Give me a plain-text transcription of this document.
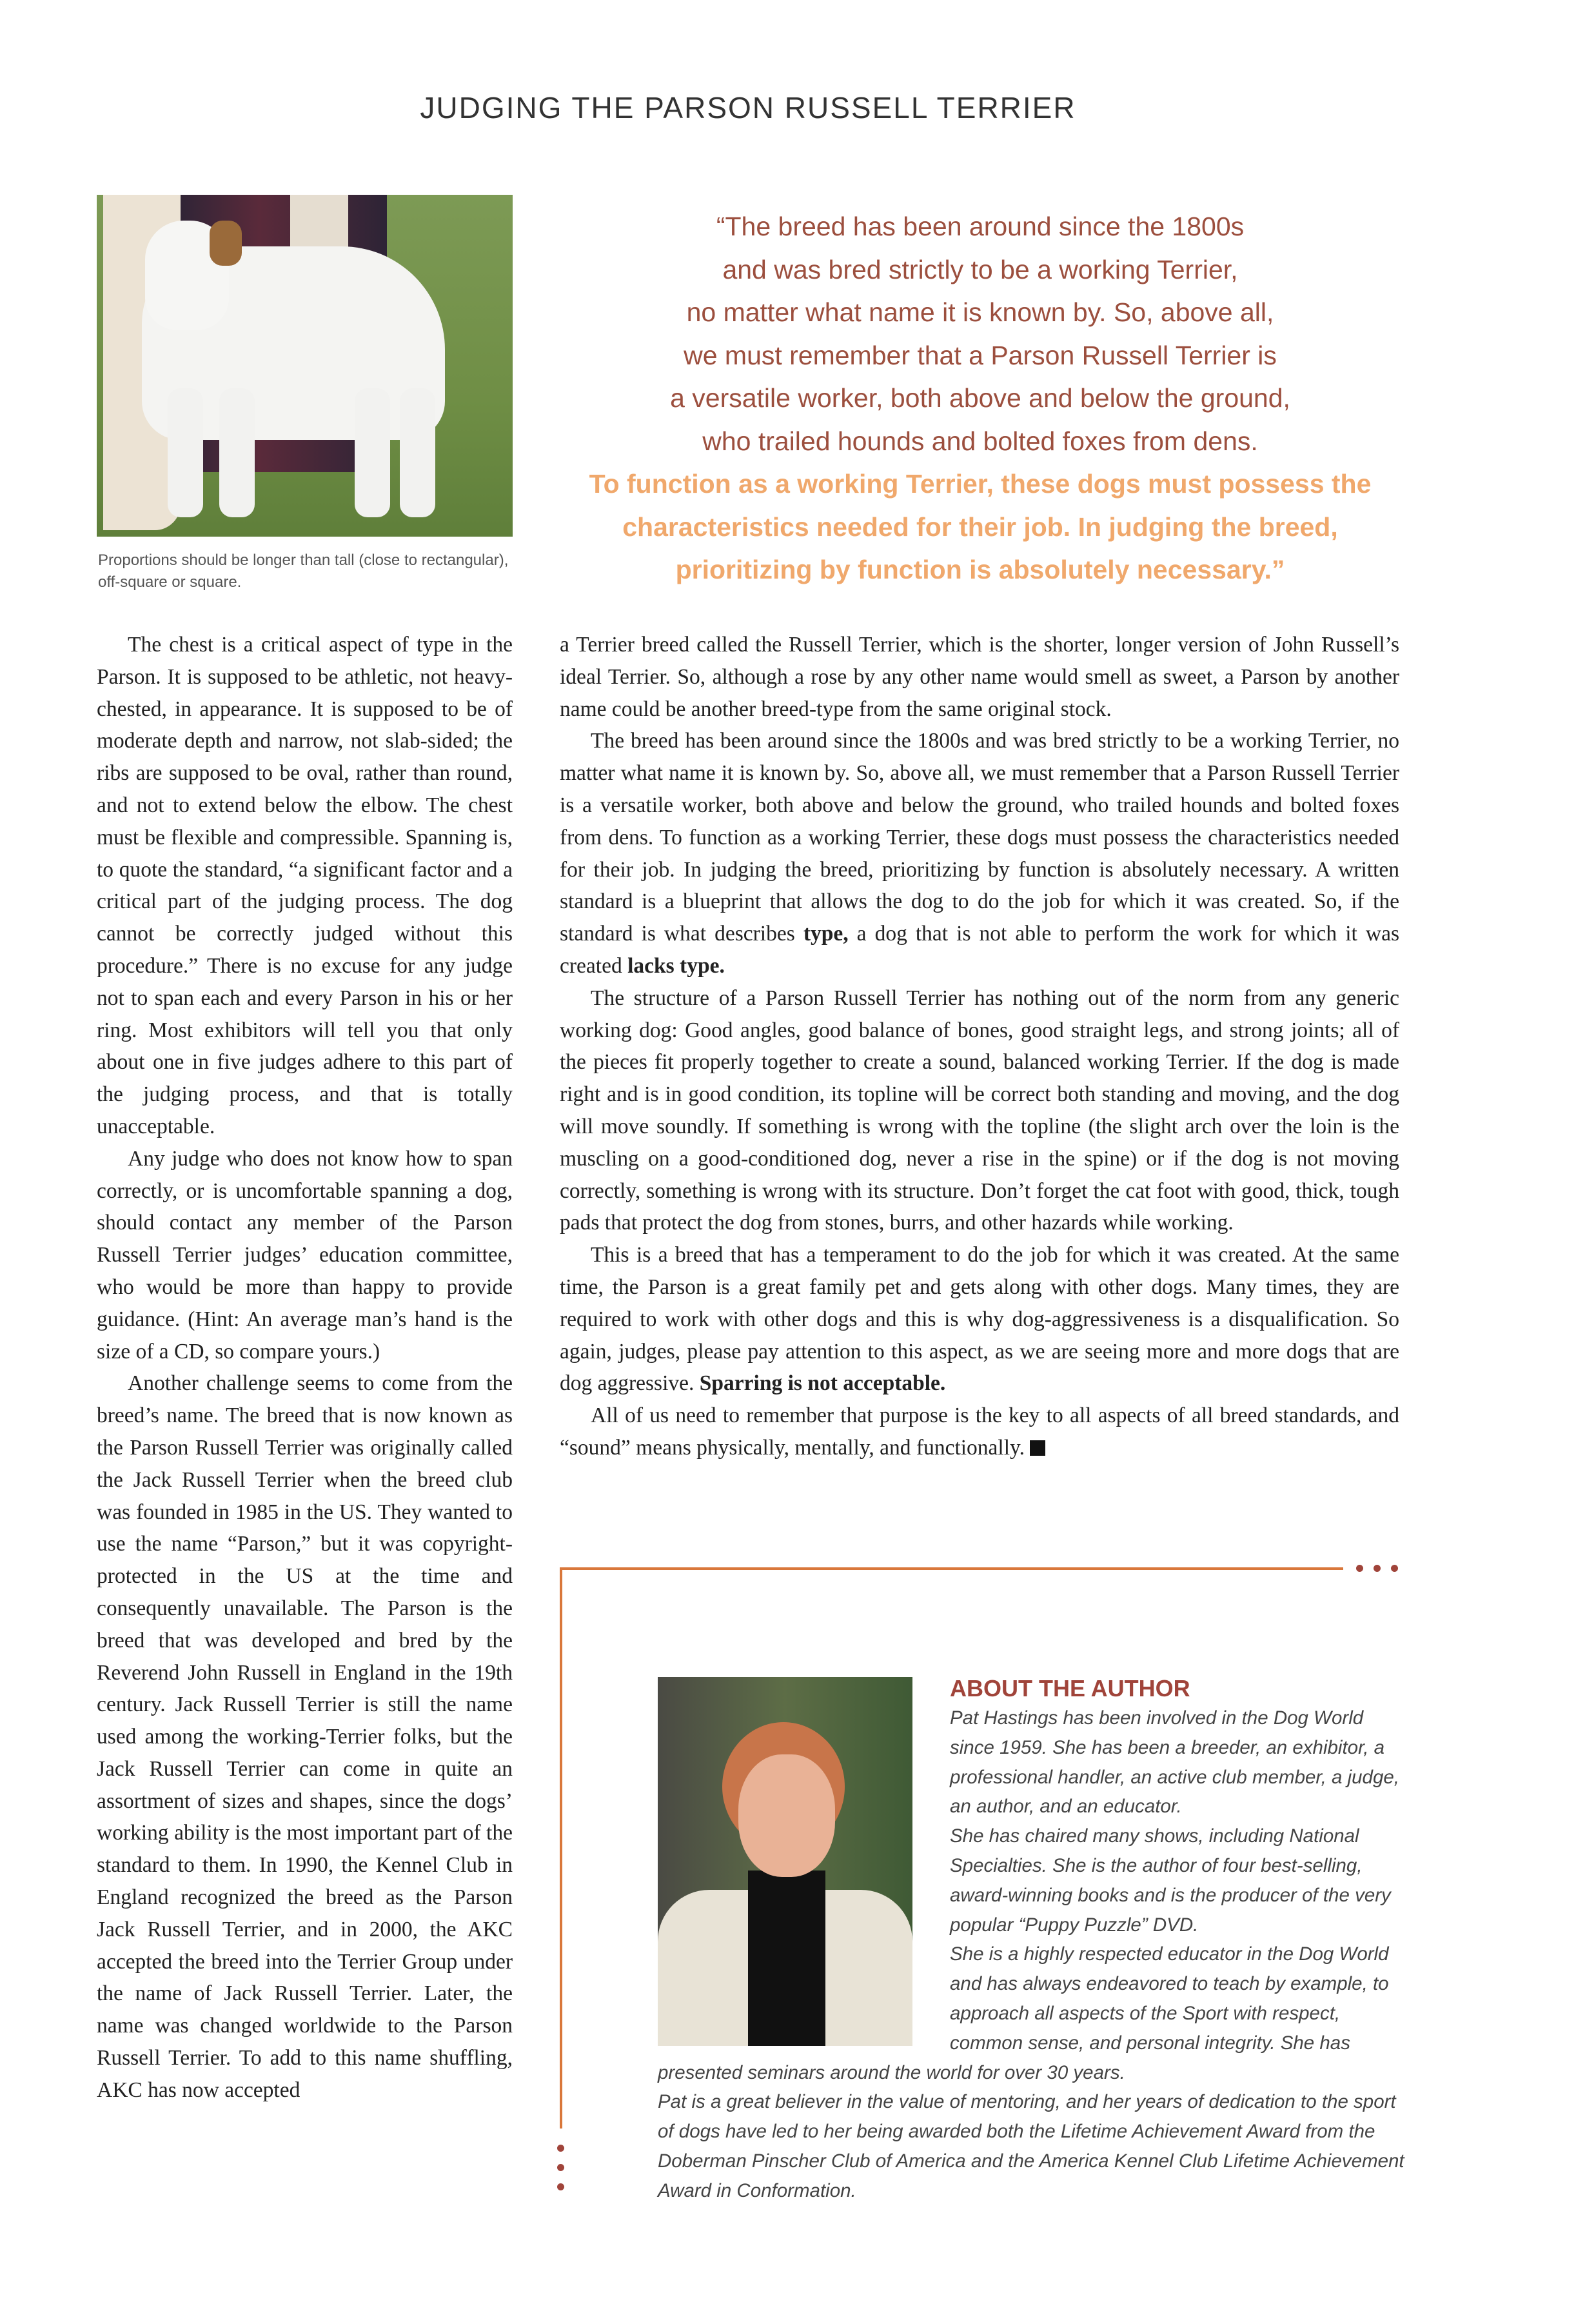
JUDGING THE PARSON RUSSELL TERRIER
Proportions should be longer than tall (close to rectangular), off-square or square.
“The breed has been around since the 1800s
and was bred strictly to be a working Terrier,
no matter what name it is known by. So, above all,
we must remember that a Parson Russell Terrier is
a versatile worker, both above and below the ground,
who trailed hounds and bolted foxes from dens.
To function as a working Terrier, these dogs must possess the
characteristics needed for their job. In judging the breed,
prioritizing by function is absolutely necessary.”

The chest is a critical aspect of type in the Parson. It is supposed to be athletic, not heavy-chested, in appearance. It is supposed to be of moderate depth and narrow, not slab-sided; the ribs are supposed to be oval, rather than round, and not to extend below the elbow. The chest must be flexible and compressible. Spanning is, to quote the standard, “a significant factor and a critical part of the judging process. The dog cannot be correctly judged without this procedure.” There is no excuse for any judge not to span each and every Parson in his or her ring. Most exhibitors will tell you that only about one in five judges adhere to this part of the judging process, and that is totally unacceptable.

Any judge who does not know how to span correctly, or is uncomfortable spanning a dog, should contact any member of the Parson Russell Terrier judges’ education committee, who would be more than happy to provide guidance. (Hint: An average man’s hand is the size of a CD, so compare yours.)

Another challenge seems to come from the breed’s name. The breed that is now known as the Parson Russell Terrier was originally called the Jack Russell Terrier when the breed club was founded in 1985 in the US. They wanted to use the name “Parson,” but it was copyright-protected in the US at the time and consequently unavailable. The Parson is the breed that was developed and bred by the Reverend John Russell in England in the 19th century. Jack Russell Terrier is still the name used among the working-Terrier folks, but the Jack Russell Terrier can come in quite an assortment of sizes and shapes, since the dogs’ working ability is the most important part of the standard to them. In 1990, the Kennel Club in England recognized the breed as the Parson Jack Russell Terrier, and in 2000, the AKC accepted the breed into the Terrier Group under the name of Jack Russell Terrier. Later, the name was changed worldwide to the Parson Russell Terrier. To add to this name shuffling, AKC has now accepted

a Terrier breed called the Russell Terrier, which is the shorter, longer version of John Russell’s ideal Terrier. So, although a rose by any other name would smell as sweet, a Parson by another name could be another breed-type from the same original stock.

The breed has been around since the 1800s and was bred strictly to be a working Terrier, no matter what name it is known by. So, above all, we must remember that a Parson Russell Terrier is a versatile worker, both above and below the ground, who trailed hounds and bolted foxes from dens. To function as a working Terrier, these dogs must possess the characteristics needed for their job. In judging the breed, prioritizing by function is absolutely necessary. A written standard is a blueprint that allows the dog to do the job for which it was created. So, if the standard is what describes type, a dog that is not able to perform the work for which it was created lacks type.

The structure of a Parson Russell Terrier has nothing out of the norm from any generic working dog: Good angles, good balance of bones, good straight legs, and strong joints; all of the pieces fit properly together to create a sound, balanced working Terrier. If the dog is made right and is in good condition, its topline will be correct both standing and moving, and the dog will move soundly. If something is wrong with the topline (the slight arch over the loin is the muscling on a good-conditioned dog, never a rise in the spine) or if the dog is not moving correctly, something is wrong with its structure. Don’t forget the cat foot with good, thick, tough pads that protect the dog from stones, burrs, and other hazards while working.

This is a breed that has a temperament to do the job for which it was created. At the same time, the Parson is a great family pet and gets along with other dogs. Many times, they are required to work with other dogs and this is why dog-aggressiveness is a disqualification. So again, judges, please pay attention to this aspect, as we are seeing more and more dogs that are dog aggressive. Sparring is not acceptable.

All of us need to remember that purpose is the key to all aspects of all breed standards, and “sound” means physically, mentally, and functionally.

ABOUT THE AUTHOR

Pat Hastings has been involved in the Dog World since 1959. She has been a breeder, an exhibitor, a professional handler, an active club member, a judge, an author, and an educator.

She has chaired many shows, including National Specialties. She is the author of four best-selling, award-winning books and is the producer of the very popular “Puppy Puzzle” DVD.

She is a highly respected educator in the Dog World and has always endeavored to teach by example, to approach all aspects of the Sport with respect, common sense, and personal integrity. She has presented seminars around the world for over 30 years.

Pat is a great believer in the value of mentoring, and her years of dedication to the sport of dogs have led to her being awarded both the Lifetime Achievement Award from the Doberman Pinscher Club of America and the America Kennel Club Lifetime Achievement Award in Conformation.
